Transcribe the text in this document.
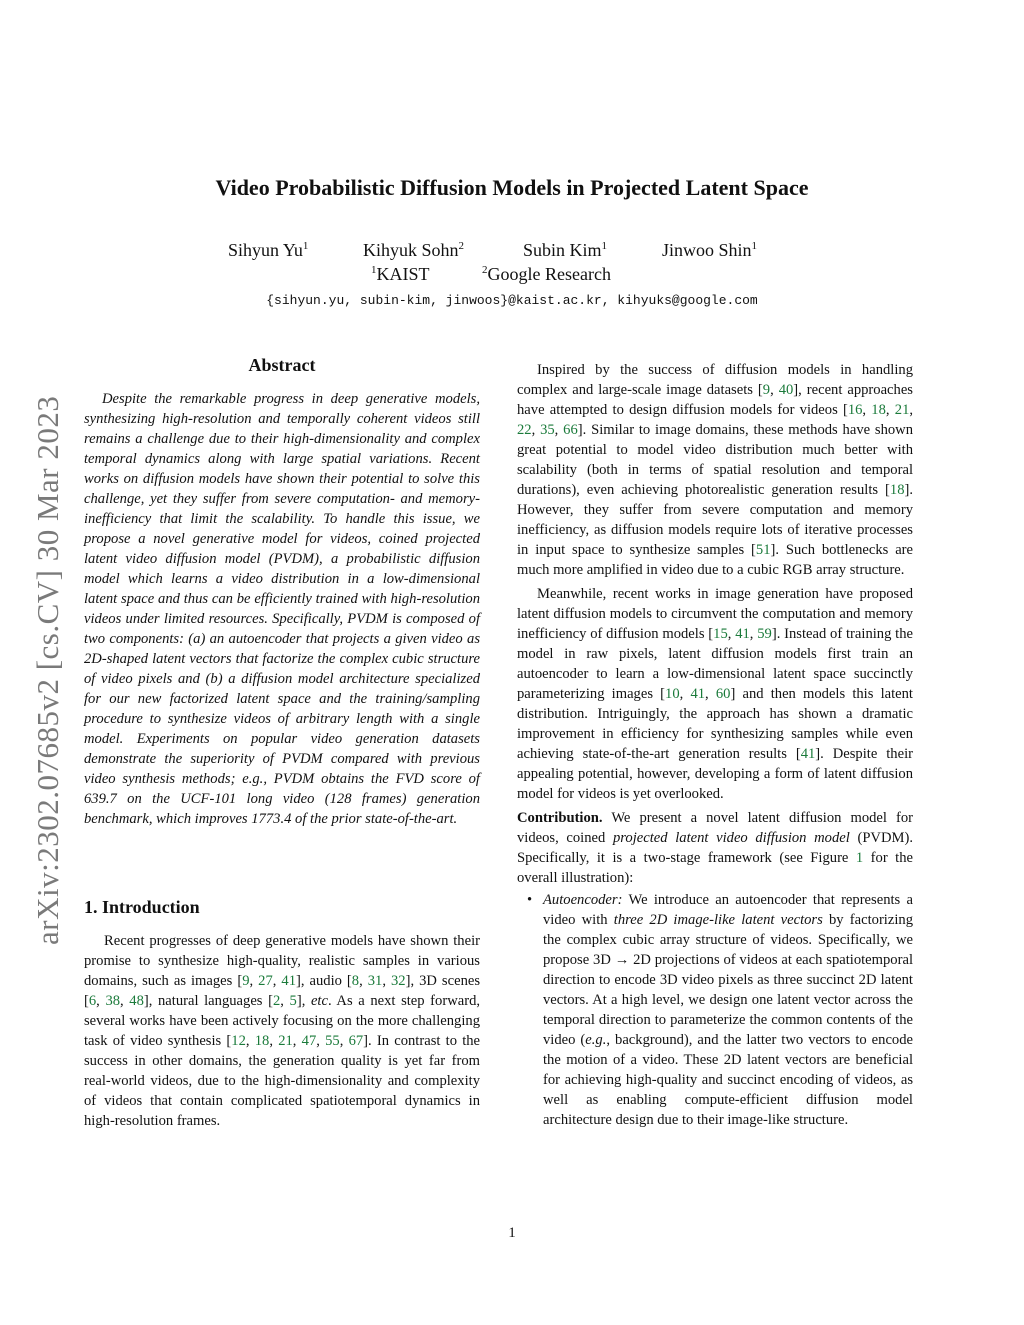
arXiv:2302.07685v2 [cs.CV] 30 Mar 2023
Video Probabilistic Diffusion Models in Projected Latent Space
Sihyun Yu$^1$	Kihyuk Sohn$^2$	Subin Kim$^1$	Jinwoo Shin$^1$
$^1$KAIST	$^2$Google Research
{sihyun.yu, subin-kim, jinwoos}@kaist.ac.kr, kihyuks@google.com
Abstract

Despite the remarkable progress in deep generative models, synthesizing high-resolution and temporally coherent videos still remains a challenge due to their high-dimensionality and complex temporal dynamics along with large spatial variations. Recent works on diffusion models have shown their potential to solve this challenge, yet they suffer from severe computation- and memory-inefficiency that limit the scalability. To handle this issue, we propose a novel generative model for videos, coined projected latent video diffusion model (PVDM), a probabilistic diffusion model which learns a video distribution in a low-dimensional latent space and thus can be efficiently trained with high-resolution videos under limited resources. Specifically, PVDM is composed of two components: (a) an autoencoder that projects a given video as 2D-shaped latent vectors that factorize the complex cubic structure of video pixels and (b) a diffusion model architecture specialized for our new factorized latent space and the training/sampling procedure to synthesize videos of arbitrary length with a single model. Experiments on popular video generation datasets demonstrate the superiority of PVDM compared with previous video synthesis methods; e.g., PVDM obtains the FVD score of 639.7 on the UCF-101 long video (128 frames) generation benchmark, which improves 1773.4 of the prior state-of-the-art.

1. Introduction

Recent progresses of deep generative models have shown their promise to synthesize high-quality, realistic samples in various domains, such as images [9, 27, 41], audio [8, 31, 32], 3D scenes [6, 38, 48], natural languages [2, 5], etc. As a next step forward, several works have been actively focusing on the more challenging task of video synthesis [12, 18, 21, 47, 55, 67]. In contrast to the success in other domains, the generation quality is yet far from real-world videos, due to the high-dimensionality and complexity of videos that contain complicated spatiotemporal dynamics in high-resolution frames.

Inspired by the success of diffusion models in handling complex and large-scale image datasets [9, 40], recent approaches have attempted to design diffusion models for videos [16, 18, 21, 22, 35, 66]. Similar to image domains, these methods have shown great potential to model video distribution much better with scalability (both in terms of spatial resolution and temporal durations), even achieving photorealistic generation results [18]. However, they suffer from severe computation and memory inefficiency, as diffusion models require lots of iterative processes in input space to synthesize samples [51]. Such bottlenecks are much more amplified in video due to a cubic RGB array structure.

Meanwhile, recent works in image generation have proposed latent diffusion models to circumvent the computation and memory inefficiency of diffusion models [15, 41, 59]. Instead of training the model in raw pixels, latent diffusion models first train an autoencoder to learn a low-dimensional latent space succinctly parameterizing images [10, 41, 60] and then models this latent distribution. Intriguingly, the approach has shown a dramatic improvement in efficiency for synthesizing samples while even achieving state-of-the-art generation results [41]. Despite their appealing potential, however, developing a form of latent diffusion model for videos is yet overlooked.

Contribution. We present a novel latent diffusion model for videos, coined projected latent video diffusion model (PVDM). Specifically, it is a two-stage framework (see Figure 1 for the overall illustration):

• Autoencoder: We introduce an autoencoder that represents a video with three 2D image-like latent vectors by factorizing the complex cubic array structure of videos. Specifically, we propose 3D → 2D projections of videos at each spatiotemporal direction to encode 3D video pixels as three succinct 2D latent vectors. At a high level, we design one latent vector across the temporal direction to parameterize the common contents of the video (e.g., background), and the latter two vectors to encode the motion of a video. These 2D latent vectors are beneficial for achieving high-quality and succinct encoding of videos, as well as enabling compute-efficient diffusion model architecture design due to their image-like structure.
1
